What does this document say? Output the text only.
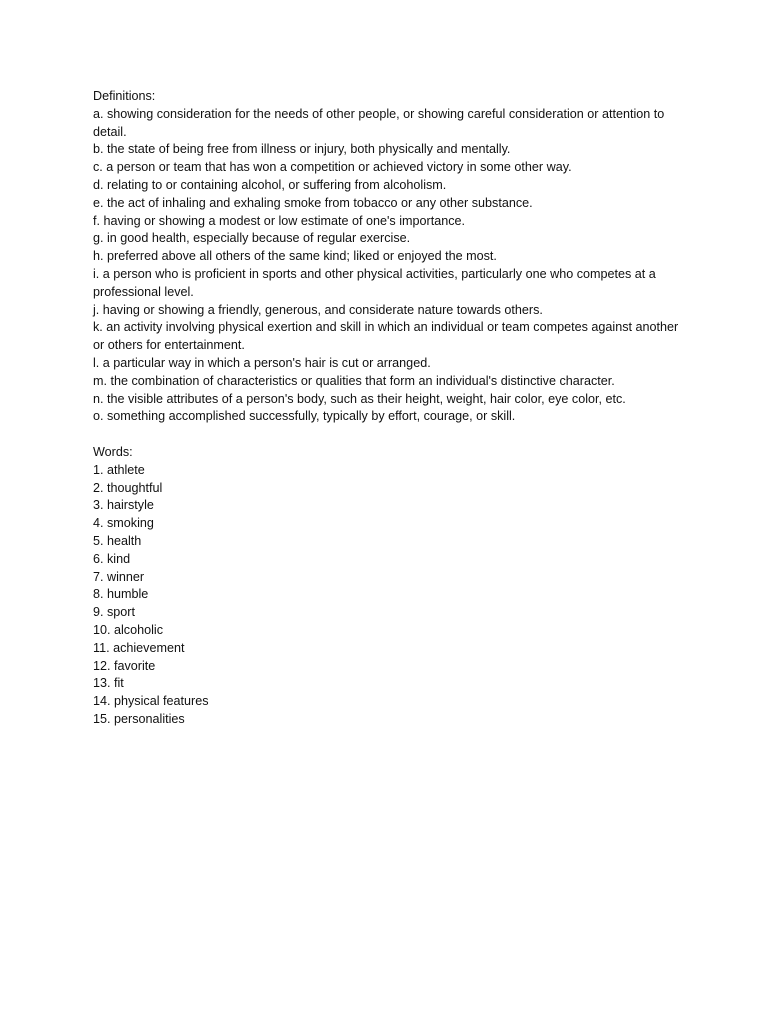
Definitions:

a. showing consideration for the needs of other people, or showing careful consideration or attention to detail.

b. the state of being free from illness or injury, both physically and mentally.

c. a person or team that has won a competition or achieved victory in some other way.

d. relating to or containing alcohol, or suffering from alcoholism.

e. the act of inhaling and exhaling smoke from tobacco or any other substance.

f. having or showing a modest or low estimate of one's importance.

g. in good health, especially because of regular exercise.

h. preferred above all others of the same kind; liked or enjoyed the most.

i. a person who is proficient in sports and other physical activities, particularly one who competes at a professional level.

j. having or showing a friendly, generous, and considerate nature towards others.

k. an activity involving physical exertion and skill in which an individual or team competes against another or others for entertainment.

l. a particular way in which a person's hair is cut or arranged.

m. the combination of characteristics or qualities that form an individual's distinctive character.

n. the visible attributes of a person's body, such as their height, weight, hair color, eye color, etc.

o. something accomplished successfully, typically by effort, courage, or skill.

Words:

1. athlete

2. thoughtful

3. hairstyle

4. smoking

5. health

6. kind

7. winner

8. humble

9. sport

10. alcoholic

11. achievement

12. favorite

13. fit

14. physical features

15. personalities
